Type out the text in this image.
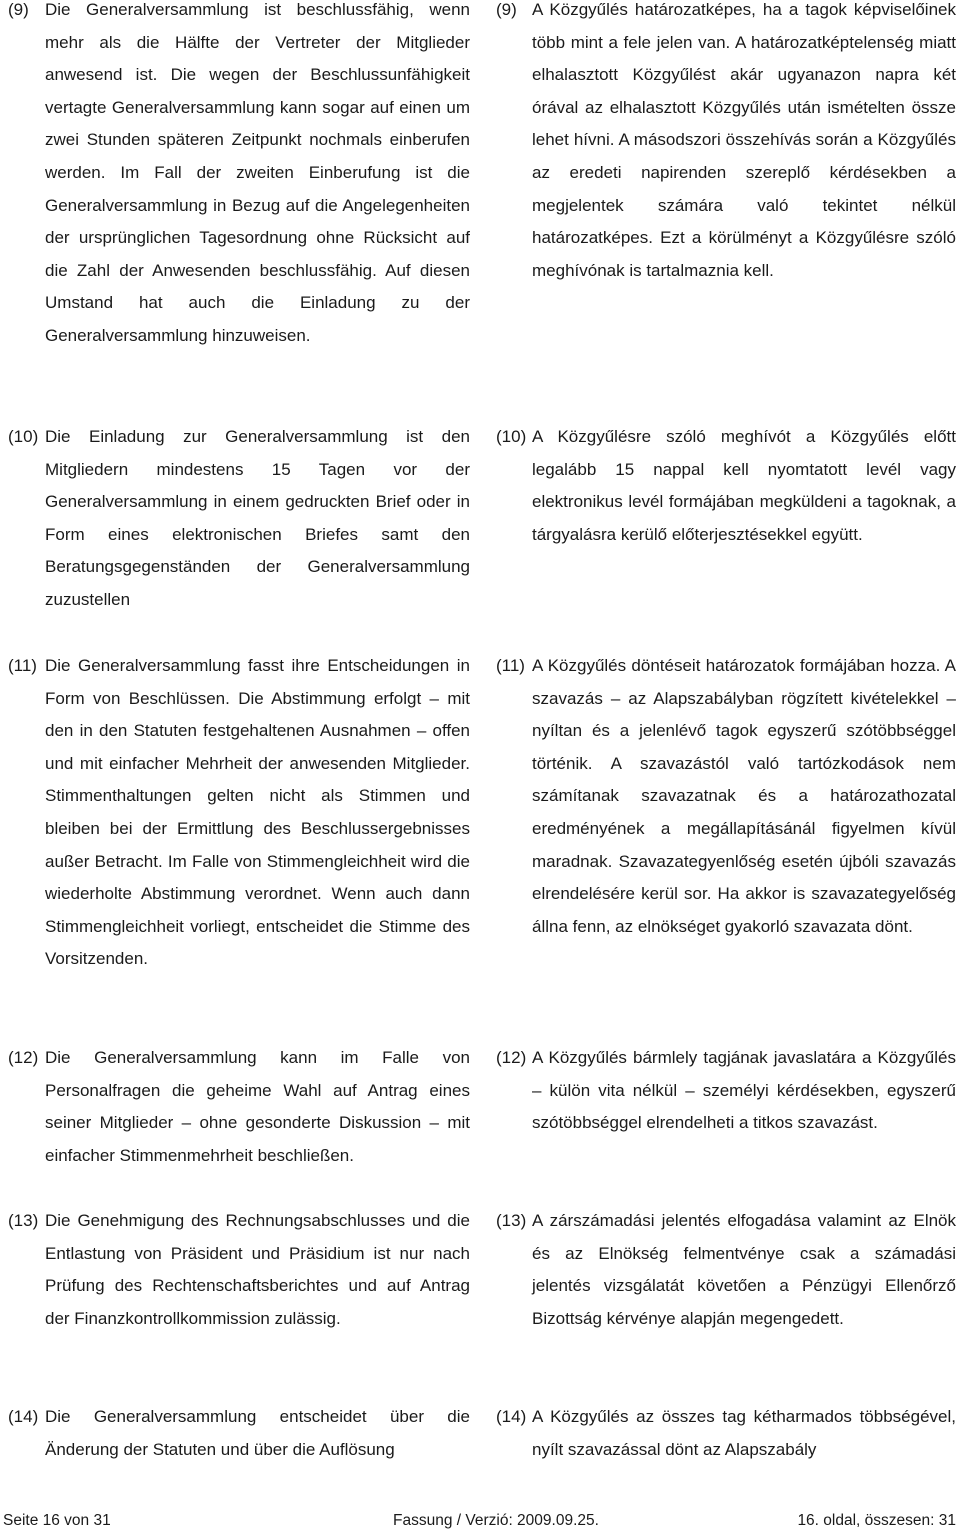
(9) Die Generalversammlung ist beschlussfähig, wenn mehr als die Hälfte der Vertreter der Mitglieder anwesend ist. Die wegen der Beschlussunfähigkeit vertagte Generalversammlung kann sogar auf einen um zwei Stunden späteren Zeitpunkt nochmals einberufen werden. Im Fall der zweiten Einberufung ist die Generalversammlung in Bezug auf die Angelegenheiten der ursprünglichen Tagesordnung ohne Rücksicht auf die Zahl der Anwesenden beschlussfähig. Auf diesen Umstand hat auch die Einladung zu der Generalversammlung hinzuweisen.
(9) A Közgyűlés határozatképes, ha a tagok képviselőinek több mint a fele jelen van. A határozatképtelenség miatt elhalasztott Közgyűlést akár ugyanazon napra két órával az elhalasztott Közgyűlés után ismételten össze lehet hívni. A másodszori összehívás során a Közgyűlés az eredeti napirenden szereplő kérdésekben a megjelentek számára való tekintet nélkül határozatképes. Ezt a körülményt a Közgyűlésre szóló meghívónak is tartalmaznia kell.
(10) Die Einladung zur Generalversammlung ist den Mitgliedern mindestens 15 Tagen vor der Generalversammlung in einem gedruckten Brief oder in Form eines elektronischen Briefes samt den Beratungsgegenständen der Generalversammlung zuzustellen
(10) A Közgyűlésre szóló meghívót a Közgyűlés előtt legalább 15 nappal kell nyomtatott levél vagy elektronikus levél formájában megküldeni a tagoknak, a tárgyalásra kerülő előterjesztésekkel együtt.
(11) Die Generalversammlung fasst ihre Entscheidungen in Form von Beschlüssen. Die Abstimmung erfolgt – mit den in den Statuten festgehaltenen Ausnahmen – offen und mit einfacher Mehrheit der anwesenden Mitglieder. Stimmenthaltungen gelten nicht als Stimmen und bleiben bei der Ermittlung des Beschlussergebnisses außer Betracht. Im Falle von Stimmengleichheit wird die wiederholte Abstimmung verordnet. Wenn auch dann Stimmengleichheit vorliegt, entscheidet die Stimme des Vorsitzenden.
(11) A Közgyűlés döntéseit határozatok formájában hozza. A szavazás – az Alapszabályban rögzített kivételekkel – nyíltan és a jelenlévő tagok egyszerű szótöbbséggel történik. A szavazástól való tartózkodások nem számítanak szavazatnak és a határozathozatal eredményének a megállapításánál figyelmen kívül maradnak. Szavazategyenlőség esetén újbóli szavazás elrendelésére kerül sor. Ha akkor is szavazategyelőség állna fenn, az elnökséget gyakorló szavazata dönt.
(12) Die Generalversammlung kann im Falle von Personalfragen die geheime Wahl auf Antrag eines seiner Mitglieder – ohne gesonderte Diskussion – mit einfacher Stimmenmehrheit beschließen.
(12) A Közgyűlés bármlely tagjának javaslatára a Közgyűlés – külön vita nélkül – személyi kérdésekben, egyszerű szótöbbséggel elrendelheti a titkos szavazást.
(13) Die Genehmigung des Rechnungsabschlusses und die Entlastung von Präsident und Präsidium ist nur nach Prüfung des Rechtenschaftsberichtes und auf Antrag der Finanzkontrollkommission zulässig.
(13) A zárszámadási jelentés elfogadása valamint az Elnök és az Elnökség felmentvénye csak a számadási jelentés vizsgálatát követően a Pénzügyi Ellenőrző Bizottság kérvénye alapján megengedett.
(14) Die Generalversammlung entscheidet über die Änderung der Statuten und über die Auflösung
(14) A Közgyűlés az összes tag kétharmados többségével, nyílt szavazással dönt az Alapszabály
Seite 16 von 31	Fassung / Verzió: 2009.09.25.	16. oldal, összesen: 31
